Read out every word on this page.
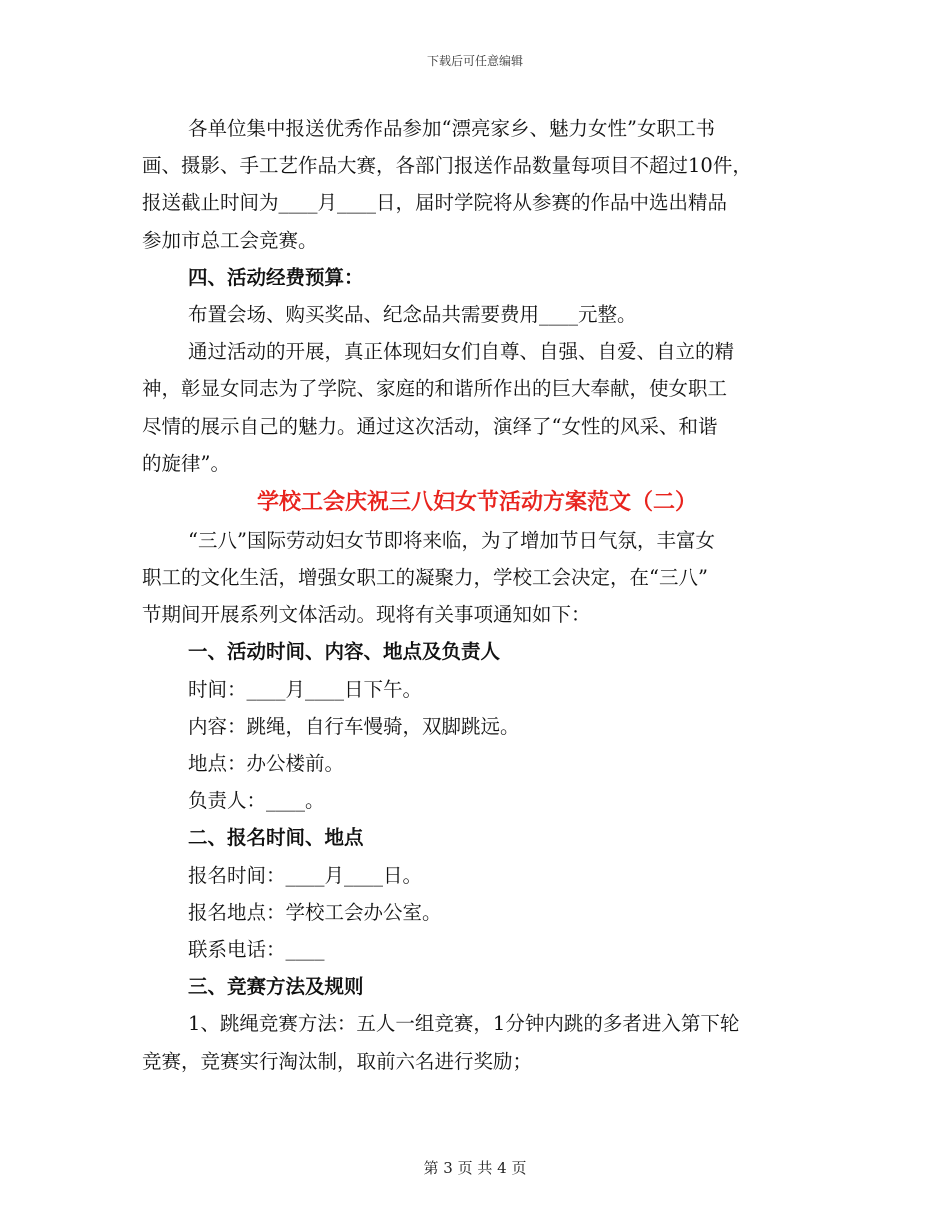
下载后可任意编辑
各单位集中报送优秀作品参加“漂亮家乡、魅力女性”女职工书
画、摄影、手工艺作品大赛，各部门报送作品数量每项目不超过10件，
报送截止时间为____月____日，届时学院将从参赛的作品中选出精品
参加市总工会竞赛。
四、活动经费预算：
布置会场、购买奖品、纪念品共需要费用____元整。
通过活动的开展，真正体现妇女们自尊、自强、自爱、自立的精
神，彰显女同志为了学院、家庭的和谐所作出的巨大奉献，使女职工
尽情的展示自己的魅力。通过这次活动，演绎了“女性的风采、和谐
的旋律”。
学校工会庆祝三八妇女节活动方案范文（二）
“三八”国际劳动妇女节即将来临，为了增加节日气氛，丰富女
职工的文化生活，增强女职工的凝聚力，学校工会决定，在“三八”
节期间开展系列文体活动。现将有关事项通知如下：
一、活动时间、内容、地点及负责人
时间：____月____日下午。
内容：跳绳，自行车慢骑，双脚跳远。
地点：办公楼前。
负责人：____。
二、报名时间、地点
报名时间：____月____日。
报名地点：学校工会办公室。
联系电话：____
三、竞赛方法及规则
1、跳绳竞赛方法：五人一组竞赛，1分钟内跳的多者进入第下轮
竞赛，竞赛实行淘汰制，取前六名进行奖励；
第 3 页 共 4 页
